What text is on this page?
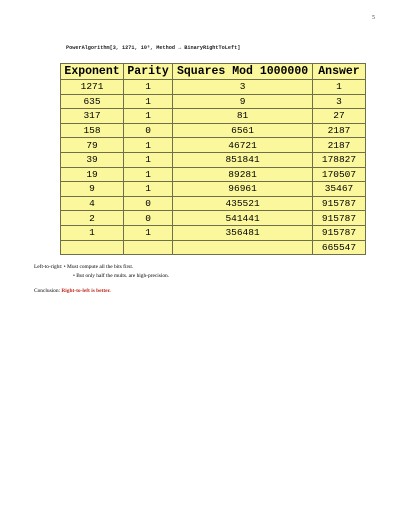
5
PowerAlgorithm[3, 1271, 10⁶, Method → BinaryRightToLeft]
Exponent	Parity	Squares Mod 1000000	Answer
1271	1	3	1
635	1	9	3
317	1	81	27
158	0	6561	2187
79	1	46721	2187
39	1	851841	178827
19	1	89281	170507
9	1	96961	35467
4	0	435521	915787
2	0	541441	915787
1	1	356481	915787
			665547
Left-to-right: • Must compute all the bits first.
• But only half the mults. are high-precision.
Conclusion: Right-to-left is better.
